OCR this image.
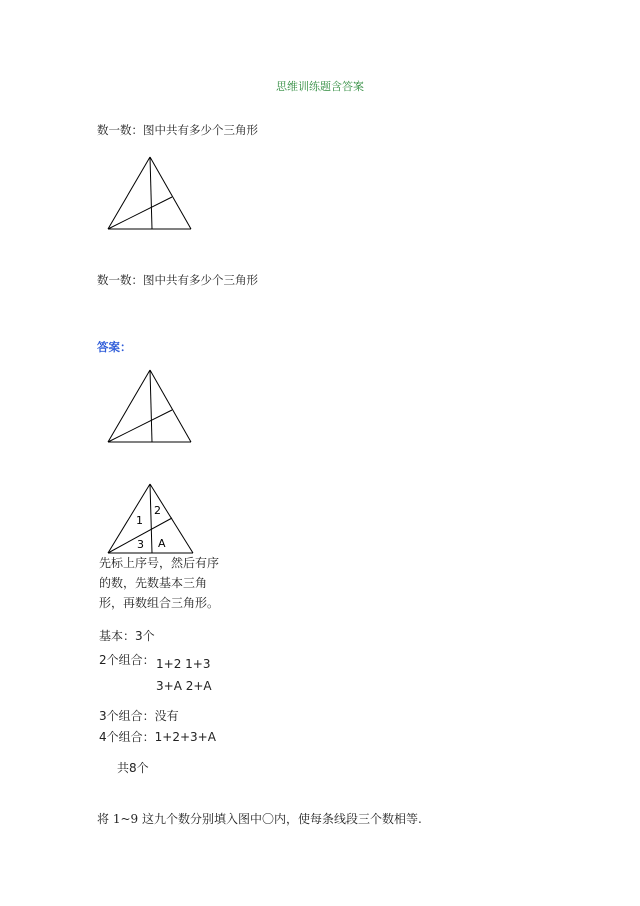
思维训练题含答案
数一数：图中共有多少个三角形
数一数：图中共有多少个三角形
答案：
1
2
3 A
先标上序号，然后有序的数，先数基本三角形，再数组合三角形。
基本：3个
2个组合： 1+2 1+3
3+A 2+A
3个组合：没有
4个组合：1+2+3+A
共8个
将 1~9 这九个数分别填入图中〇内，使每条线段三个数相等.
